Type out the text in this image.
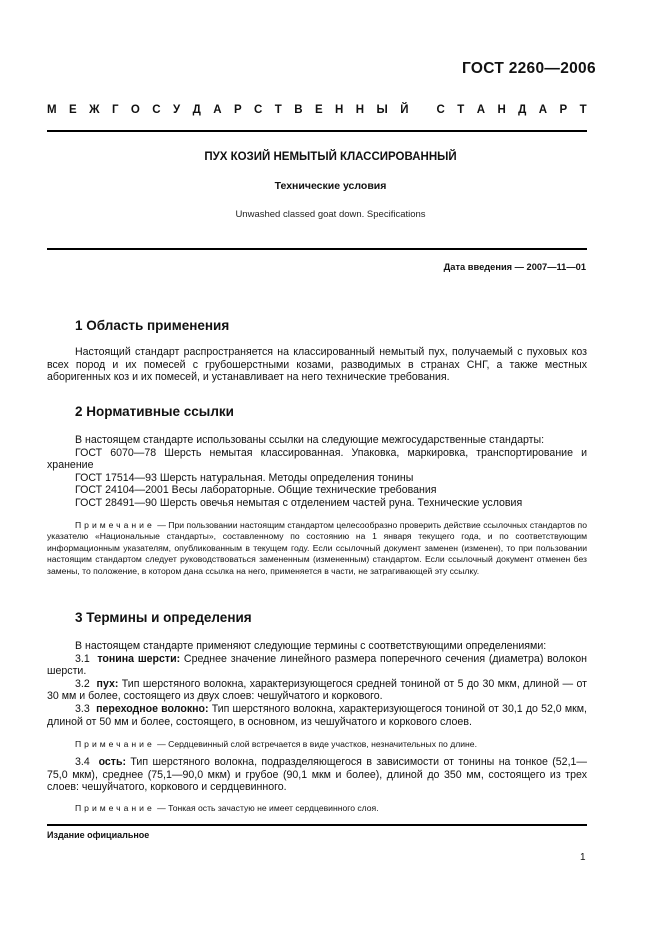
ГОСТ 2260—2006
М Е Ж Г О С У Д А Р С Т В Е Н Н Ы Й
С Т А Н Д А Р Т
ПУХ КОЗИЙ НЕМЫТЫЙ КЛАССИРОВАННЫЙ
Технические условия
Unwashed classed goat down. Specifications
Дата введения — 2007—11—01
1 Область применения

Настоящий стандарт распространяется на классированный немытый пух, получаемый с пуховых коз всех пород и их помесей с грубошерстными козами, разводимых в странах СНГ, а также местных аборигенных коз и их помесей, и устанавливает на него технические требования.

2 Нормативные ссылки

В настоящем стандарте использованы ссылки на следующие межгосударственные стандарты:

ГОСТ 6070—78 Шерсть немытая классированная. Упаковка, маркировка, транспортирование и хранение

ГОСТ 17514—93 Шерсть натуральная. Методы определения тонины

ГОСТ 24104—2001 Весы лабораторные. Общие технические требования

ГОСТ 28491—90 Шерсть овечья немытая с отделением частей руна. Технические условия

Примечание — При пользовании настоящим стандартом целесообразно проверить действие ссылочных стандартов по указателю «Национальные стандарты», составленному по состоянию на 1 января текущего года, и по соответствующим информационным указателям, опубликованным в текущем году. Если ссылочный документ заменен (изменен), то при пользовании настоящим стандартом следует руководствоваться замененным (измененным) стандартом. Если ссылочный документ отменен без замены, то положение, в котором дана ссылка на него, применяется в части, не затрагивающей эту ссылку.

3 Термины и определения

В настоящем стандарте применяют следующие термины с соответствующими определениями:

3.1 тонина шерсти: Среднее значение линейного размера поперечного сечения (диаметра) волокон шерсти.

3.2 пух: Тип шерстяного волокна, характеризующегося средней тониной от 5 до 30 мкм, длиной — от 30 мм и более, состоящего из двух слоев: чешуйчатого и коркового.

3.3 переходное волокно: Тип шерстяного волокна, характеризующегося тониной от 30,1 до 52,0 мкм, длиной от 50 мм и более, состоящего, в основном, из чешуйчатого и коркового слоев.

Примечание — Сердцевинный слой встречается в виде участков, незначительных по длине.

3.4 ость: Тип шерстяного волокна, подразделяющегося в зависимости от тонины на тонкое (52,1—75,0 мкм), среднее (75,1—90,0 мкм) и грубое (90,1 мкм и более), длиной до 350 мм, состоящего из трех слоев: чешуйчатого, коркового и сердцевинного.

Примечание — Тонкая ость зачастую не имеет сердцевинного слоя.

Издание официальное
1
